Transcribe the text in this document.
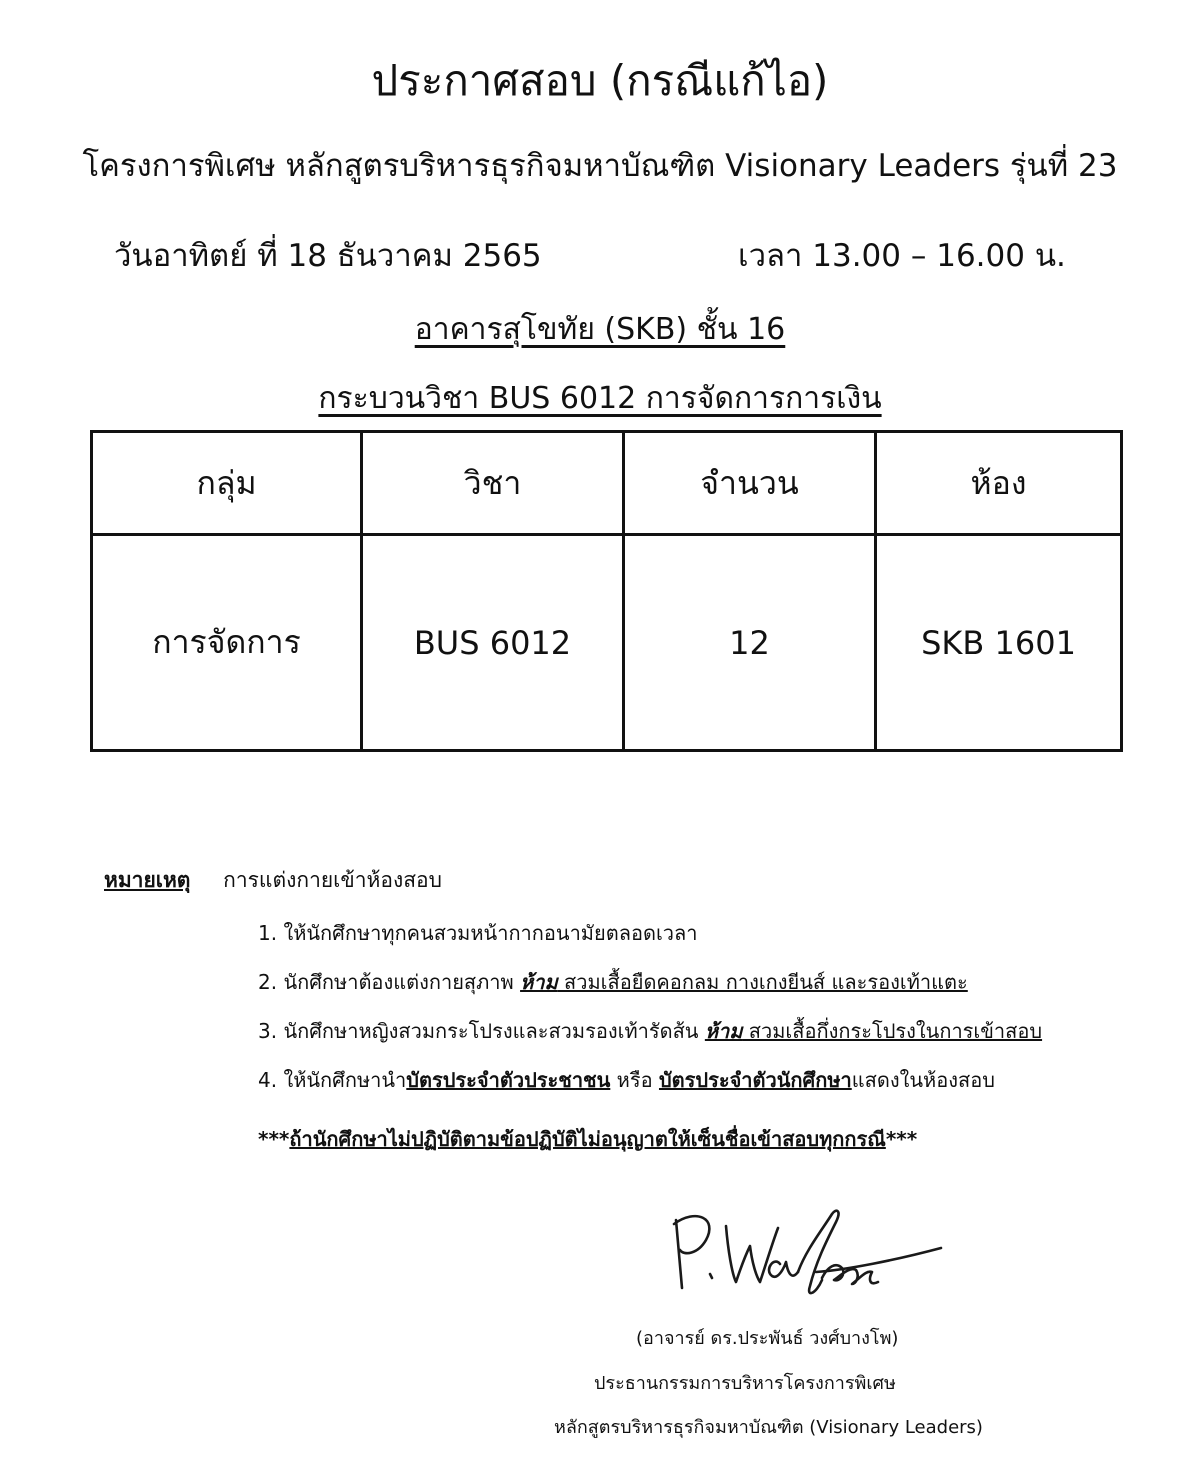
ประกาศสอบ (กรณีแก้ไอ)
โครงการพิเศษ หลักสูตรบริหารธุรกิจมหาบัณฑิต Visionary Leaders รุ่นที่ 23
วันอาทิตย์ ที่ 18 ธันวาคม 2565	เวลา 13.00 – 16.00 น.
อาคารสุโขทัย (SKB) ชั้น 16
กระบวนวิชา BUS 6012 การจัดการการเงิน
กลุ่ม	วิชา	จำนวน	ห้อง
การจัดการ	BUS 6012	12	SKB 1601
หมายเหตุ การแต่งกายเข้าห้องสอบ
1. ให้นักศึกษาทุกคนสวมหน้ากากอนามัยตลอดเวลา
2. นักศึกษาต้องแต่งกายสุภาพ ห้าม สวมเสื้อยืดคอกลม กางเกงยีนส์ และรองเท้าแตะ
3. นักศึกษาหญิงสวมกระโปรงและสวมรองเท้ารัดส้น ห้าม สวมเสื้อกึ่งกระโปรงในการเข้าสอบ
4. ให้นักศึกษานำบัตรประจำตัวประชาชน หรือ บัตรประจำตัวนักศึกษาแสดงในห้องสอบ
***ถ้านักศึกษาไม่ปฏิบัติตามข้อปฏิบัติไม่อนุญาตให้เซ็นชื่อเข้าสอบทุกกรณี***
(อาจารย์ ดร.ประพันธ์ วงศ์บางโพ)
ประธานกรรมการบริหารโครงการพิเศษ
หลักสูตรบริหารธุรกิจมหาบัณฑิต (Visionary Leaders)
